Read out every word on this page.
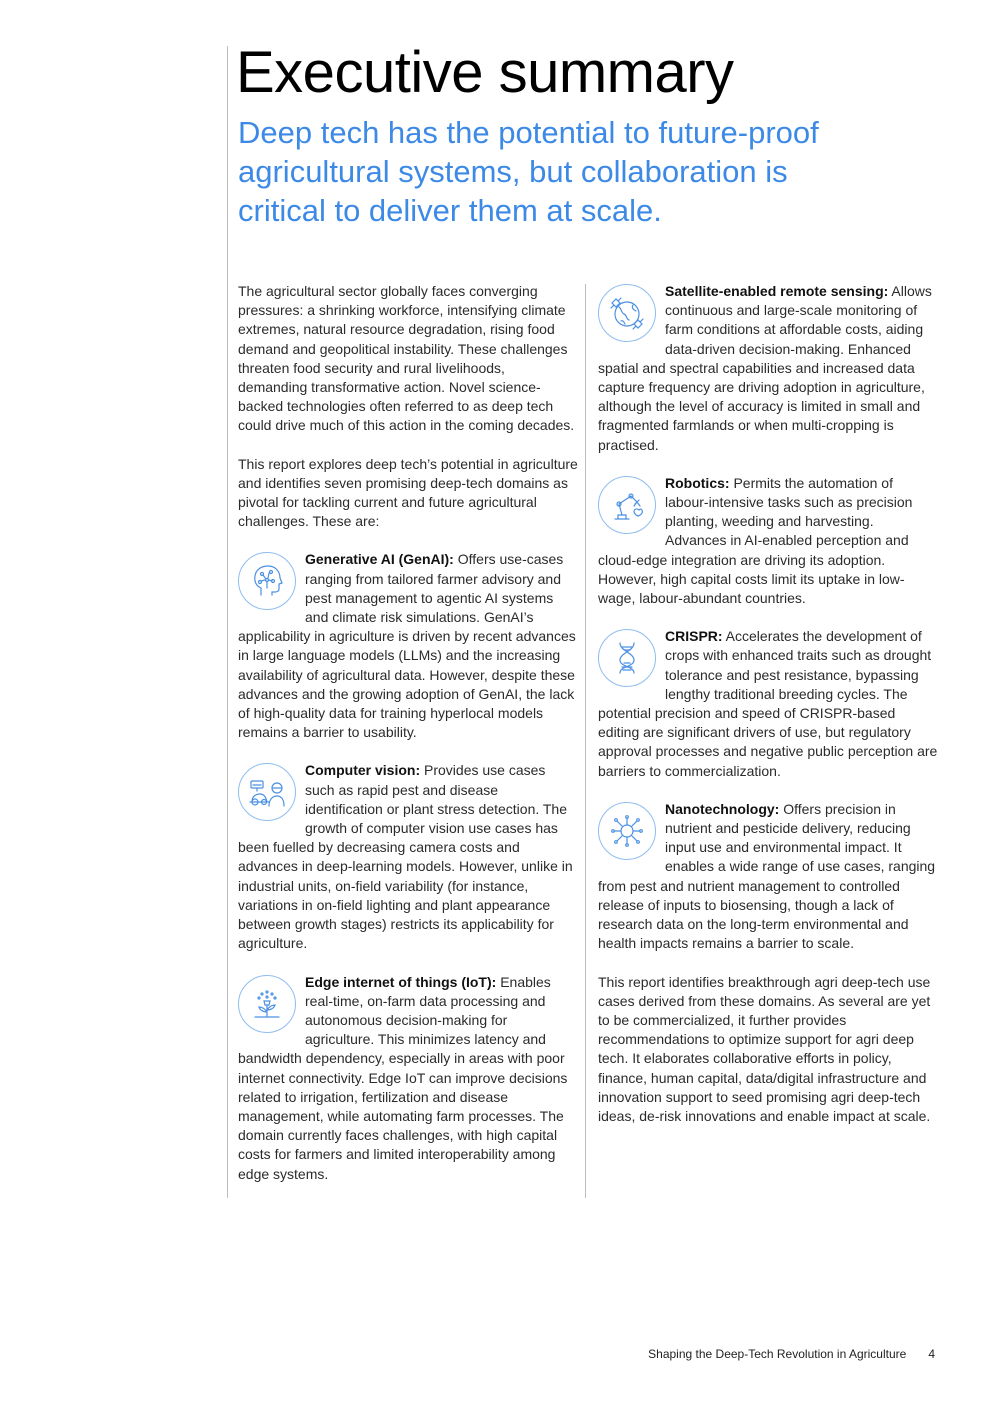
Executive summary
Deep tech has the potential to future-proof agricultural systems, but collaboration is critical to deliver them at scale.

The agricultural sector globally faces converging pressures: a shrinking workforce, intensifying climate extremes, natural resource degradation, rising food demand and geopolitical instability. These challenges threaten food security and rural livelihoods, demanding transformative action. Novel science-backed technologies often referred to as deep tech could drive much of this action in the coming decades.

This report explores deep tech’s potential in agriculture and identifies seven promising deep-tech domains as pivotal for tackling current and future agricultural challenges. These are:

Generative AI (GenAI): Offers use-cases ranging from tailored farmer advisory and pest management to agentic AI systems and climate risk simulations. GenAI’s applicability in agriculture is driven by recent advances in large language models (LLMs) and the increasing availability of agricultural data. However, despite these advances and the growing adoption of GenAI, the lack of high-quality data for training hyperlocal models remains a barrier to usability.
Computer vision: Provides use cases such as rapid pest and disease identification or plant stress detection. The growth of computer vision use cases has been fuelled by decreasing camera costs and advances in deep-learning models. However, unlike in industrial units, on-field variability (for instance, variations in on-field lighting and plant appearance between growth stages) restricts its applicability for agriculture.
Edge internet of things (IoT): Enables real-time, on-farm data processing and autonomous decision-making for agriculture. This minimizes latency and bandwidth dependency, especially in areas with poor internet connectivity. Edge IoT can improve decisions related to irrigation, fertilization and disease management, while automating farm processes. The domain currently faces challenges, with high capital costs for farmers and limited interoperability among edge systems.
Satellite-enabled remote sensing: Allows continuous and large-scale monitoring of farm conditions at affordable costs, aiding data-driven decision-making. Enhanced spatial and spectral capabilities and increased data capture frequency are driving adoption in agriculture, although the level of accuracy is limited in small and fragmented farmlands or when multi-cropping is practised.
Robotics: Permits the automation of labour-intensive tasks such as precision planting, weeding and harvesting. Advances in AI-enabled perception and cloud-edge integration are driving its adoption. However, high capital costs limit its uptake in low-wage, labour-abundant countries.
CRISPR: Accelerates the development of crops with enhanced traits such as drought tolerance and pest resistance, bypassing lengthy traditional breeding cycles. The potential precision and speed of CRISPR-based editing are significant drivers of use, but regulatory approval processes and negative public perception are barriers to commercialization.
Nanotechnology: Offers precision in nutrient and pesticide delivery, reducing input use and environmental impact. It enables a wide range of use cases, ranging from pest and nutrient management to controlled release of inputs to biosensing, though a lack of research data on the long-term environmental and health impacts remains a barrier to scale.

This report identifies breakthrough agri deep-tech use cases derived from these domains. As several are yet to be commercialized, it further provides recommendations to optimize support for agri deep tech. It elaborates collaborative efforts in policy, finance, human capital, data/digital infrastructure and innovation support to seed promising agri deep-tech ideas, de-risk innovations and enable impact at scale.

Shaping the Deep-Tech Revolution in Agriculture 4
